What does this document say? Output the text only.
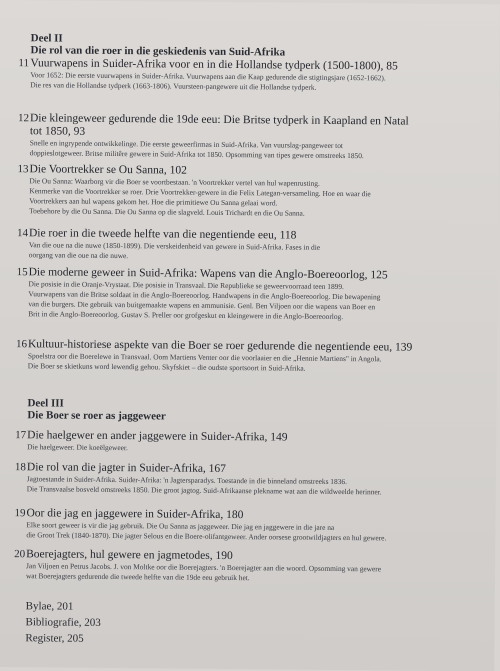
Deel II
Die rol van die roer in die geskiedenis van Suid-Afrika
11 Vuurwapens in Suider-Afrika voor en in die Hollandse tydperk (1500-1800), 85
Voor 1652: Die eerste vuurwapens in Suider-Afrika. Vuurwapens aan die Kaap gedurende die stigtingsjare (1652-1662).
Die res van die Hollandse tydperk (1663-1806). Vuursteen-pangewere uit die Hollandse tydperk.
12 Die kleingeweer gedurende die 19de eeu: Die Britse tydperk in Kaapland en Natal
tot 1850, 93
Snelle en ingrypende ontwikkelinge. Die eerste geweerfirmas in Suid-Afrika. Van vuurslag-pangeweer tot
doppieslotgeweer. Britse militêre gewere in Suid-Afrika tot 1850. Opsomming van tipes gewere omstreeks 1850.
13 Die Voortrekker se Ou Sanna, 102
Die Ou Sanna: Waarborg vir die Boer se voortbestaan. 'n Voortrekker vertel van hul wapenrusting.
Kenmerke van die Voortrekker se roer. Drie Voortrekker-gewere in die Felix Lategan-versameling. Hoe en waar die
Voortrekkers aan hul wapens gekom het. Hoe die primitiewe Ou Sanna gelaai word.
Toebehore by die Ou Sanna. Die Ou Sanna op die slagveld. Louis Trichardt en die Ou Sanna.
14 Die roer in die tweede helfte van die negentiende eeu, 118
Van die oue na die nuwe (1850-1899). Die verskeidenheid van gewere in Suid-Afrika. Fases in die
oorgang van die oue na die nuwe.
15 Die moderne geweer in Suid-Afrika: Wapens van die Anglo-Boereoorlog, 125
Die posisie in die Oranje-Vrystaat. Die posisie in Transvaal. Die Republieke se geweervoorraad teen 1899.
Vuurwapens van die Britse soldaat in die Anglo-Boereoorlog. Handwapens in die Anglo-Boereoorlog. Die bewapening
van die burgers. Die gebruik van buitgemaakte wapens en ammunisie. Genl. Ben Viljoen oor die wapens van Boer en
Brit in die Anglo-Boereoorlog. Gustav S. Preller oor grofgeskut en kleingewere in die Anglo-Boereoorlog.
16 Kultuur-historiese aspekte van die Boer se roer gedurende die negentiende eeu, 139
Spoelstra oor die Boerelewe in Transvaal. Oom Martiens Venter oor die voorlaaier en die „Hennie Martiens" in Angola.
Die Boer se skietkuns word lewendig gehou. Skyfskiet – die oudste sportsoort in Suid-Afrika.
Deel III
Die Boer se roer as jaggeweer
17 Die haelgewer en ander jaggewere in Suider-Afrika, 149
Die haelgeweer. Die koeëlgeweer.
18 Die rol van die jagter in Suider-Afrika, 167
Jagtoestande in Suider-Afrika. Suider-Afrika: 'n Jagtersparadys. Toestande in die binneland omstreeks 1836.
Die Transvaalse bosveld omstreeks 1850. Die groot jagtog. Suid-Afrikaanse plekname wat aan die wildweelde herinner.
19 Oor die jag en jaggewere in Suider-Afrika, 180
Elke soort geweer is vir die jag gebruik. Die Ou Sanna as jaggeweer. Die jag en jaggewere in die jare na
die Groot Trek (1840-1870). Die jagter Selous en die Boere-olifantgeweer. Ander oorsese grootwildjagters en hul gewere.
20 Boerejagters, hul gewere en jagmetodes, 190
Jan Viljoen en Petrus Jacobs. J. von Moltke oor die Boerejagters. 'n Boerejagter aan die woord. Opsomming van gewere
wat Boerejagters gedurende die tweede helfte van die 19de eeu gebruik het.
Bylae, 201
Bibliografie, 203
Register, 205
